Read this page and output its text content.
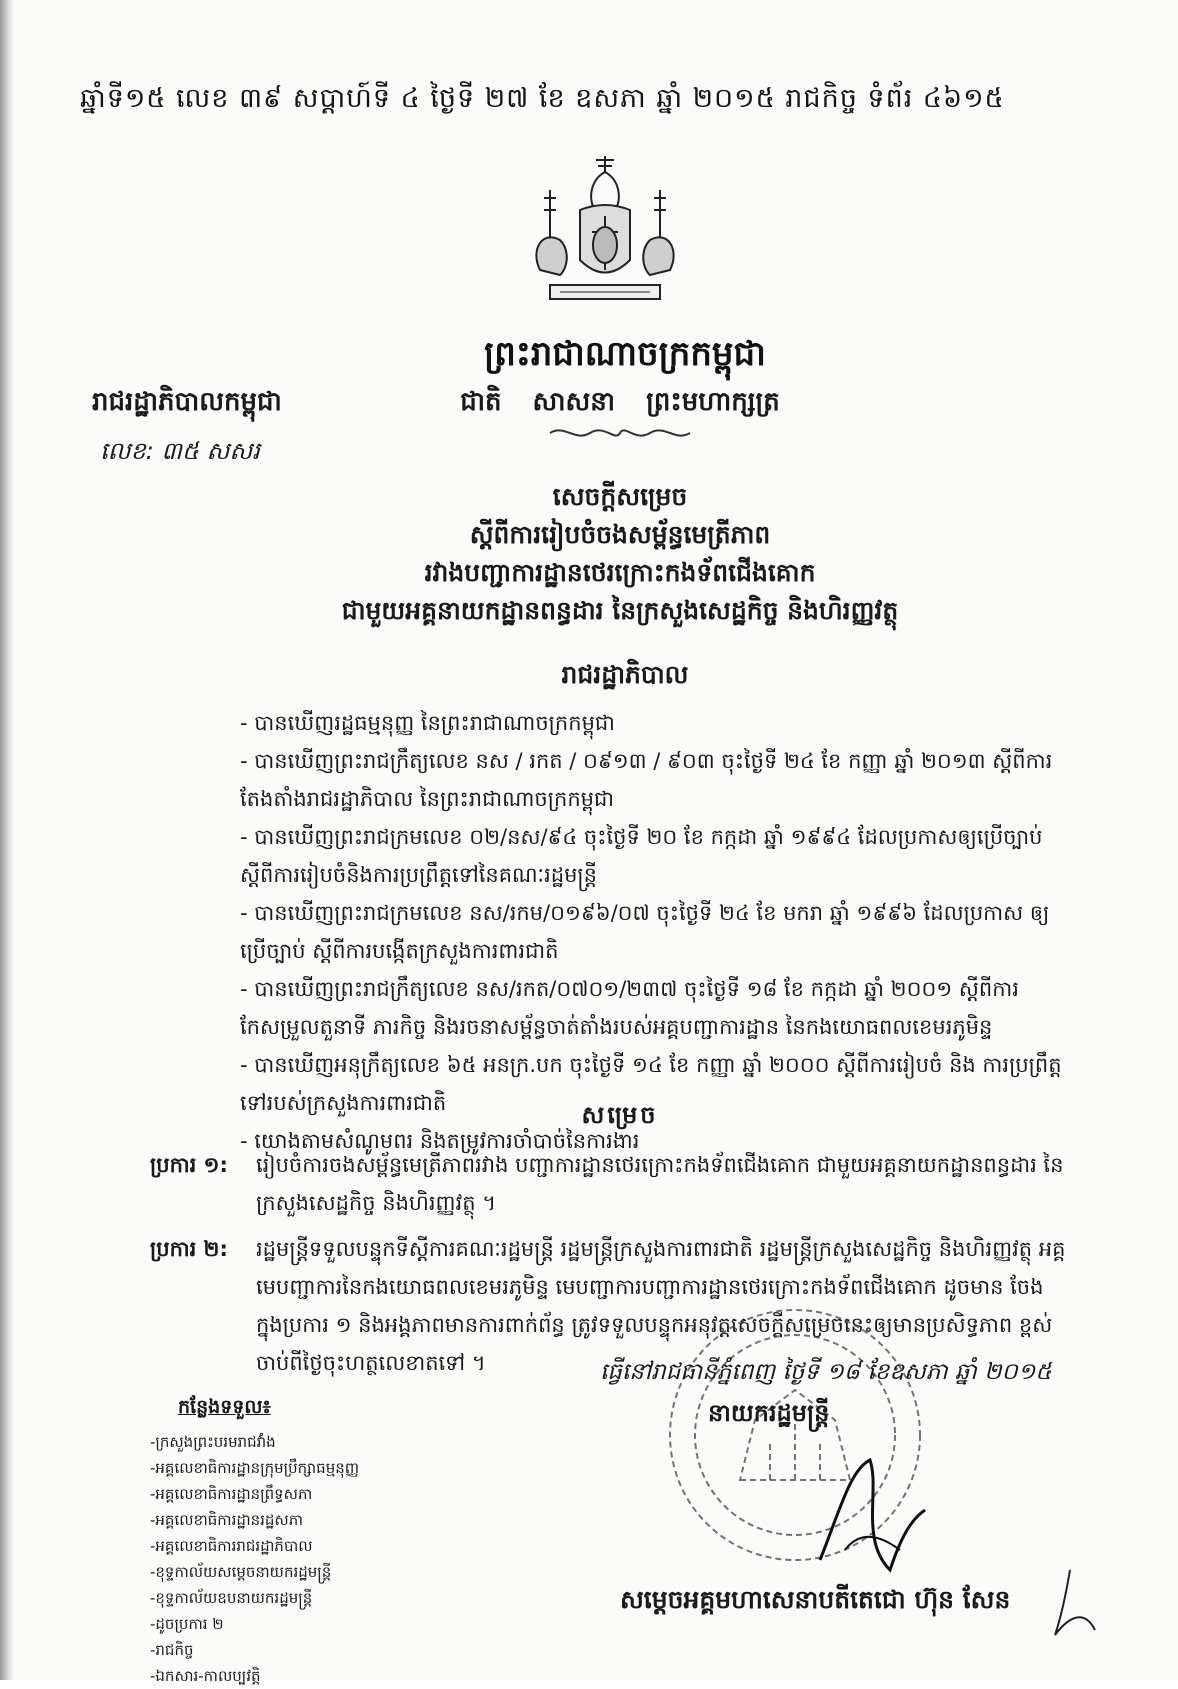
ឆ្នាំទី១៥ លេខ ៣៩ សប្តាហ៍ទី ៤ ថ្ងៃទី ២៧ ខែ ឧសភា ឆ្នាំ ២០១៥ រាជកិច្ច ទំព័រ ៤៦១៥
ព្រះរាជាណាចក្រកម្ពុជា
រាជរដ្ឋាភិបាលកម្ពុជា	ជាតិ សាសនា ព្រះមហាក្សត្រ
លេខ: ៣៥ សសរ
សេចក្តីសម្រេច
ស្តីពីការរៀបចំចងសម្ព័ន្ធមេត្រីភាព
រវាងបញ្ជាការដ្ឋានថេរក្រោះកងទ័ពជើងគោក
ជាមួយអគ្គនាយកដ្ឋានពន្ធដារ នៃក្រសួងសេដ្ឋកិច្ច និងហិរញ្ញវត្ថុ
រាជរដ្ឋាភិបាល
- បានឃើញរដ្ឋធម្មនុញ្ញ នៃព្រះរាជាណាចក្រកម្ពុជា
- បានឃើញព្រះរាជក្រឹត្យលេខ នស / រកត / ០៩១៣ / ៩០៣ ចុះថ្ងៃទី ២៤ ខែ កញ្ញា ឆ្នាំ ២០១៣ ស្តីពីការតែងតាំងរាជរដ្ឋាភិបាល នៃព្រះរាជាណាចក្រកម្ពុជា
- បានឃើញព្រះរាជក្រមលេខ ០២/នស/៩៤ ចុះថ្ងៃទី ២០ ខែ កក្កដា ឆ្នាំ ១៩៩៤ ដែលប្រកាសឲ្យប្រើច្បាប់ ស្តីពីការរៀបចំនិងការប្រព្រឹត្តទៅនៃគណៈរដ្ឋមន្ត្រី
- បានឃើញព្រះរាជក្រមលេខ នស/រកម/០១៩៦/០៧ ចុះថ្ងៃទី ២៤ ខែ មករា ឆ្នាំ ១៩៩៦ ដែលប្រកាស ឲ្យប្រើច្បាប់ ស្តីពីការបង្កើតក្រសួងការពារជាតិ
- បានឃើញព្រះរាជក្រឹត្យលេខ នស/រកត/០៧០១/២៣៧ ចុះថ្ងៃទី ១៨ ខែ កក្កដា ឆ្នាំ ២០០១ ស្តីពីការ កែសម្រួលតួនាទី ភារកិច្ច និងរចនាសម្ព័ន្ធចាត់តាំងរបស់អគ្គបញ្ជាការដ្ឋាន នៃកងយោធពលខេមរភូមិន្ទ
- បានឃើញអនុក្រឹត្យលេខ ៦៥ អនក្រ.បក ចុះថ្ងៃទី ១៤ ខែ កញ្ញា ឆ្នាំ ២០០០ ស្តីពីការរៀបចំ និង ការប្រព្រឹត្តទៅរបស់ក្រសួងការពារជាតិ
- យោងតាមសំណូមពរ និងតម្រូវការចាំបាច់នៃការងារ
សម្រេច
ប្រការ ១:	រៀបចំការចងសម្ព័ន្ធមេត្រីភាពរវាង បញ្ជាការដ្ឋានថេរក្រោះកងទ័ពជើងគោក ជាមួយអគ្គនាយកដ្ឋានពន្ធដារ នៃក្រសួងសេដ្ឋកិច្ច និងហិរញ្ញវត្ថុ ។
ប្រការ ២:	រដ្ឋមន្ត្រីទទួលបន្ទុកទីស្តីការគណៈរដ្ឋមន្ត្រី រដ្ឋមន្ត្រីក្រសួងការពារជាតិ រដ្ឋមន្ត្រីក្រសួងសេដ្ឋកិច្ច និងហិរញ្ញវត្ថុ អគ្គមេបញ្ជាការនៃកងយោធពលខេមរភូមិន្ទ មេបញ្ជាការបញ្ជាការដ្ឋានថេរក្រោះកងទ័ពជើងគោក ដូចមាន ចែងក្នុងប្រការ ១ និងអង្គភាពមានការពាក់ព័ន្ធ ត្រូវទទួលបន្ទុកអនុវត្តសេចក្តីសម្រេចនេះឲ្យមានប្រសិទ្ធភាព ខ្ពស់ ចាប់ពីថ្ងៃចុះហត្ថលេខាតទៅ ។	ធ្វើនៅរាជធានីភ្នំពេញ ថ្ងៃទី ១៨ ខែឧសភា ឆ្នាំ ២០១៥
នាយករដ្ឋមន្ត្រី
សម្តេចអគ្គមហាសេនាបតីតេជោ ហ៊ុន សែន
កន្លែងទទួល៖
-ក្រសួងព្រះបរមរាជវាំង
-អគ្គលេខាធិការដ្ឋានក្រុមប្រឹក្សាធម្មនុញ្ញ
-អគ្គលេខាធិការដ្ឋានព្រឹទ្ធសភា
-អគ្គលេខាធិការដ្ឋានរដ្ឋសភា
-អគ្គលេខាធិការរាជរដ្ឋាភិបាល
-ខុទ្ទកាល័យសម្តេចនាយករដ្ឋមន្ត្រី
-ខុទ្ទកាល័យឧបនាយករដ្ឋមន្ត្រី
-ដូចប្រការ ២
-រាជកិច្ច
-ឯកសារ-កាលប្បវត្តិ
